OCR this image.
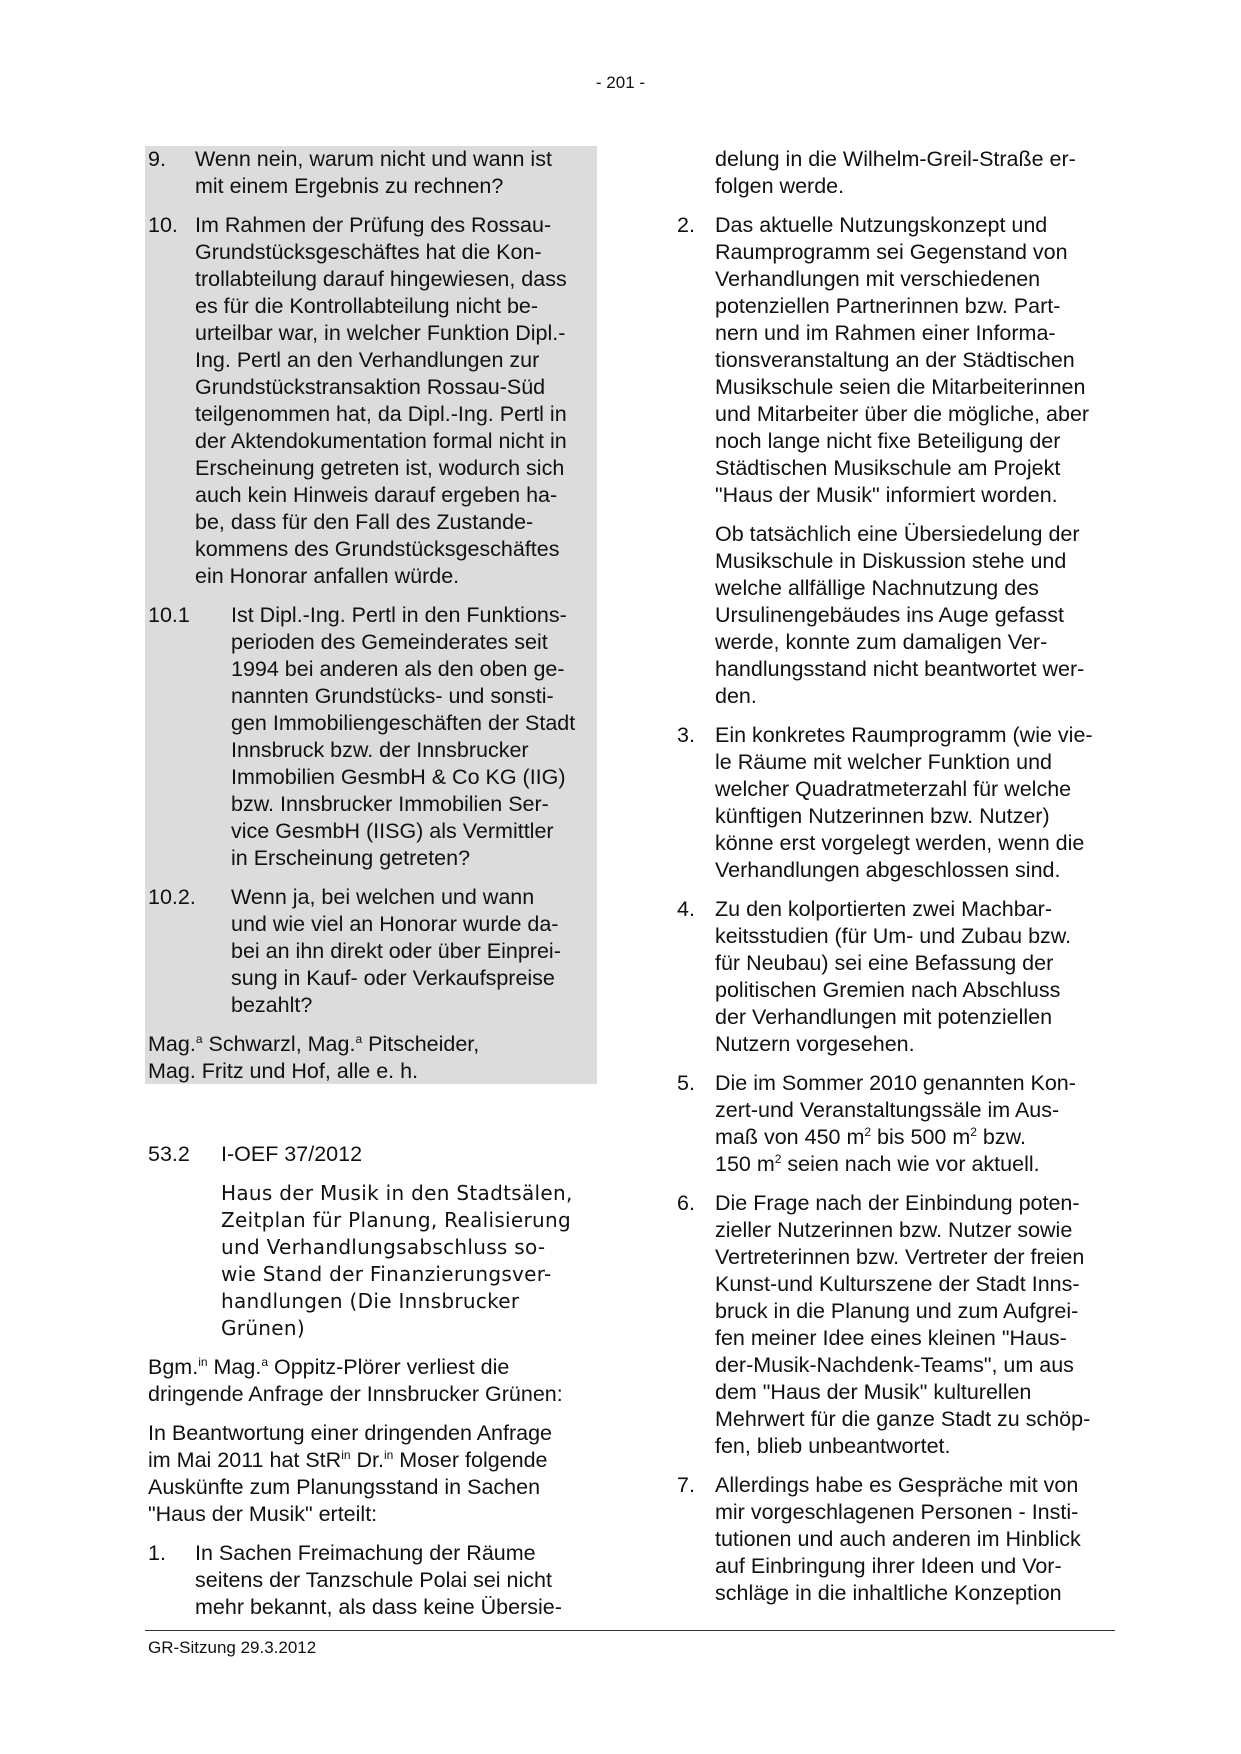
- 201 -
9.	Wenn nein, warum nicht und wann ist
mit einem Ergebnis zu rechnen?
10. Im Rahmen der Prüfung des Rossau-
Grundstücksgeschäftes hat die Kon-
trollabteilung darauf hingewiesen, dass
es für die Kontrollabteilung nicht be-
urteilbar war, in welcher Funktion Dipl.-
Ing. Pertl an den Verhandlungen zur
Grundstückstransaktion Rossau-Süd
teilgenommen hat, da Dipl.-Ing. Pertl in
der Aktendokumentation formal nicht in
Erscheinung getreten ist, wodurch sich
auch kein Hinweis darauf ergeben ha-
be, dass für den Fall des Zustande-
kommens des Grundstücksgeschäftes
ein Honorar anfallen würde.
10.1	Ist Dipl.-Ing. Pertl in den Funktions-
perioden des Gemeinderates seit
1994 bei anderen als den oben ge-
nannten Grundstücks- und sonsti-
gen Immobiliengeschäften der Stadt
Innsbruck bzw. der Innsbrucker
Immobilien GesmbH & Co KG (IIG)
bzw. Innsbrucker Immobilien Ser-
vice GesmbH (IISG) als Vermittler
in Erscheinung getreten?
10.2.	Wenn ja, bei welchen und wann
und wie viel an Honorar wurde da-
bei an ihn direkt oder über Einprei-
sung in Kauf- oder Verkaufspreise
bezahlt?
Mag.$^a$ Schwarzl, Mag.$^a$ Pitscheider,
Mag. Fritz und Hof, alle e. h.
53.2	I-OEF 37/2012
Haus der Musik in den Stadtsälen,
Zeitplan für Planung, Realisierung
und Verhandlungsabschluss so-
wie Stand der Finanzierungsver-
handlungen (Die Innsbrucker
Grünen)
Bgm.$^{in}$ Mag.$^a$ Oppitz-Plörer verliest die
dringende Anfrage der Innsbrucker Grünen:
In Beantwortung einer dringenden Anfrage
im Mai 2011 hat StR$^{in}$ Dr.$^{in}$ Moser folgende
Auskünfte zum Planungsstand in Sachen
"Haus der Musik" erteilt:
1.	In Sachen Freimachung der Räume
seitens der Tanzschule Polai sei nicht
mehr bekannt, als dass keine Übersie-
delung in die Wilhelm-Greil-Straße er-
folgen werde.
2. Das aktuelle Nutzungskonzept und
Raumprogramm sei Gegenstand von
Verhandlungen mit verschiedenen
potenziellen Partnerinnen bzw. Part-
nern und im Rahmen einer Informa-
tionsveranstaltung an der Städtischen
Musikschule seien die Mitarbeiterinnen
und Mitarbeiter über die mögliche, aber
noch lange nicht fixe Beteiligung der
Städtischen Musikschule am Projekt
"Haus der Musik" informiert worden.
Ob tatsächlich eine Übersiedelung der
Musikschule in Diskussion stehe und
welche allfällige Nachnutzung des
Ursulinengebäudes ins Auge gefasst
werde, konnte zum damaligen Ver-
handlungsstand nicht beantwortet wer-
den.
3. Ein konkretes Raumprogramm (wie vie-
le Räume mit welcher Funktion und
welcher Quadratmeterzahl für welche
künftigen Nutzerinnen bzw. Nutzer)
könne erst vorgelegt werden, wenn die
Verhandlungen abgeschlossen sind.
4. Zu den kolportierten zwei Machbar-
keitsstudien (für Um- und Zubau bzw.
für Neubau) sei eine Befassung der
politischen Gremien nach Abschluss
der Verhandlungen mit potenziellen
Nutzern vorgesehen.
5. Die im Sommer 2010 genannten Kon-
zert-und Veranstaltungssäle im Aus-
maß von 450 $m^2$ bis 500 $m^2$ bzw.
150 $m^2$ seien nach wie vor aktuell.
6. Die Frage nach der Einbindung poten-
zieller Nutzerinnen bzw. Nutzer sowie
Vertreterinnen bzw. Vertreter der freien
Kunst-und Kulturszene der Stadt Inns-
bruck in die Planung und zum Aufgrei-
fen meiner Idee eines kleinen "Haus-
der-Musik-Nachdenk-Teams", um aus
dem "Haus der Musik" kulturellen
Mehrwert für die ganze Stadt zu schöp-
fen, blieb unbeantwortet.
7. Allerdings habe es Gespräche mit von
mir vorgeschlagenen Personen - Insti-
tutionen und auch anderen im Hinblick
auf Einbringung ihrer Ideen und Vor-
schläge in die inhaltliche Konzeption
GR-Sitzung 29.3.2012
